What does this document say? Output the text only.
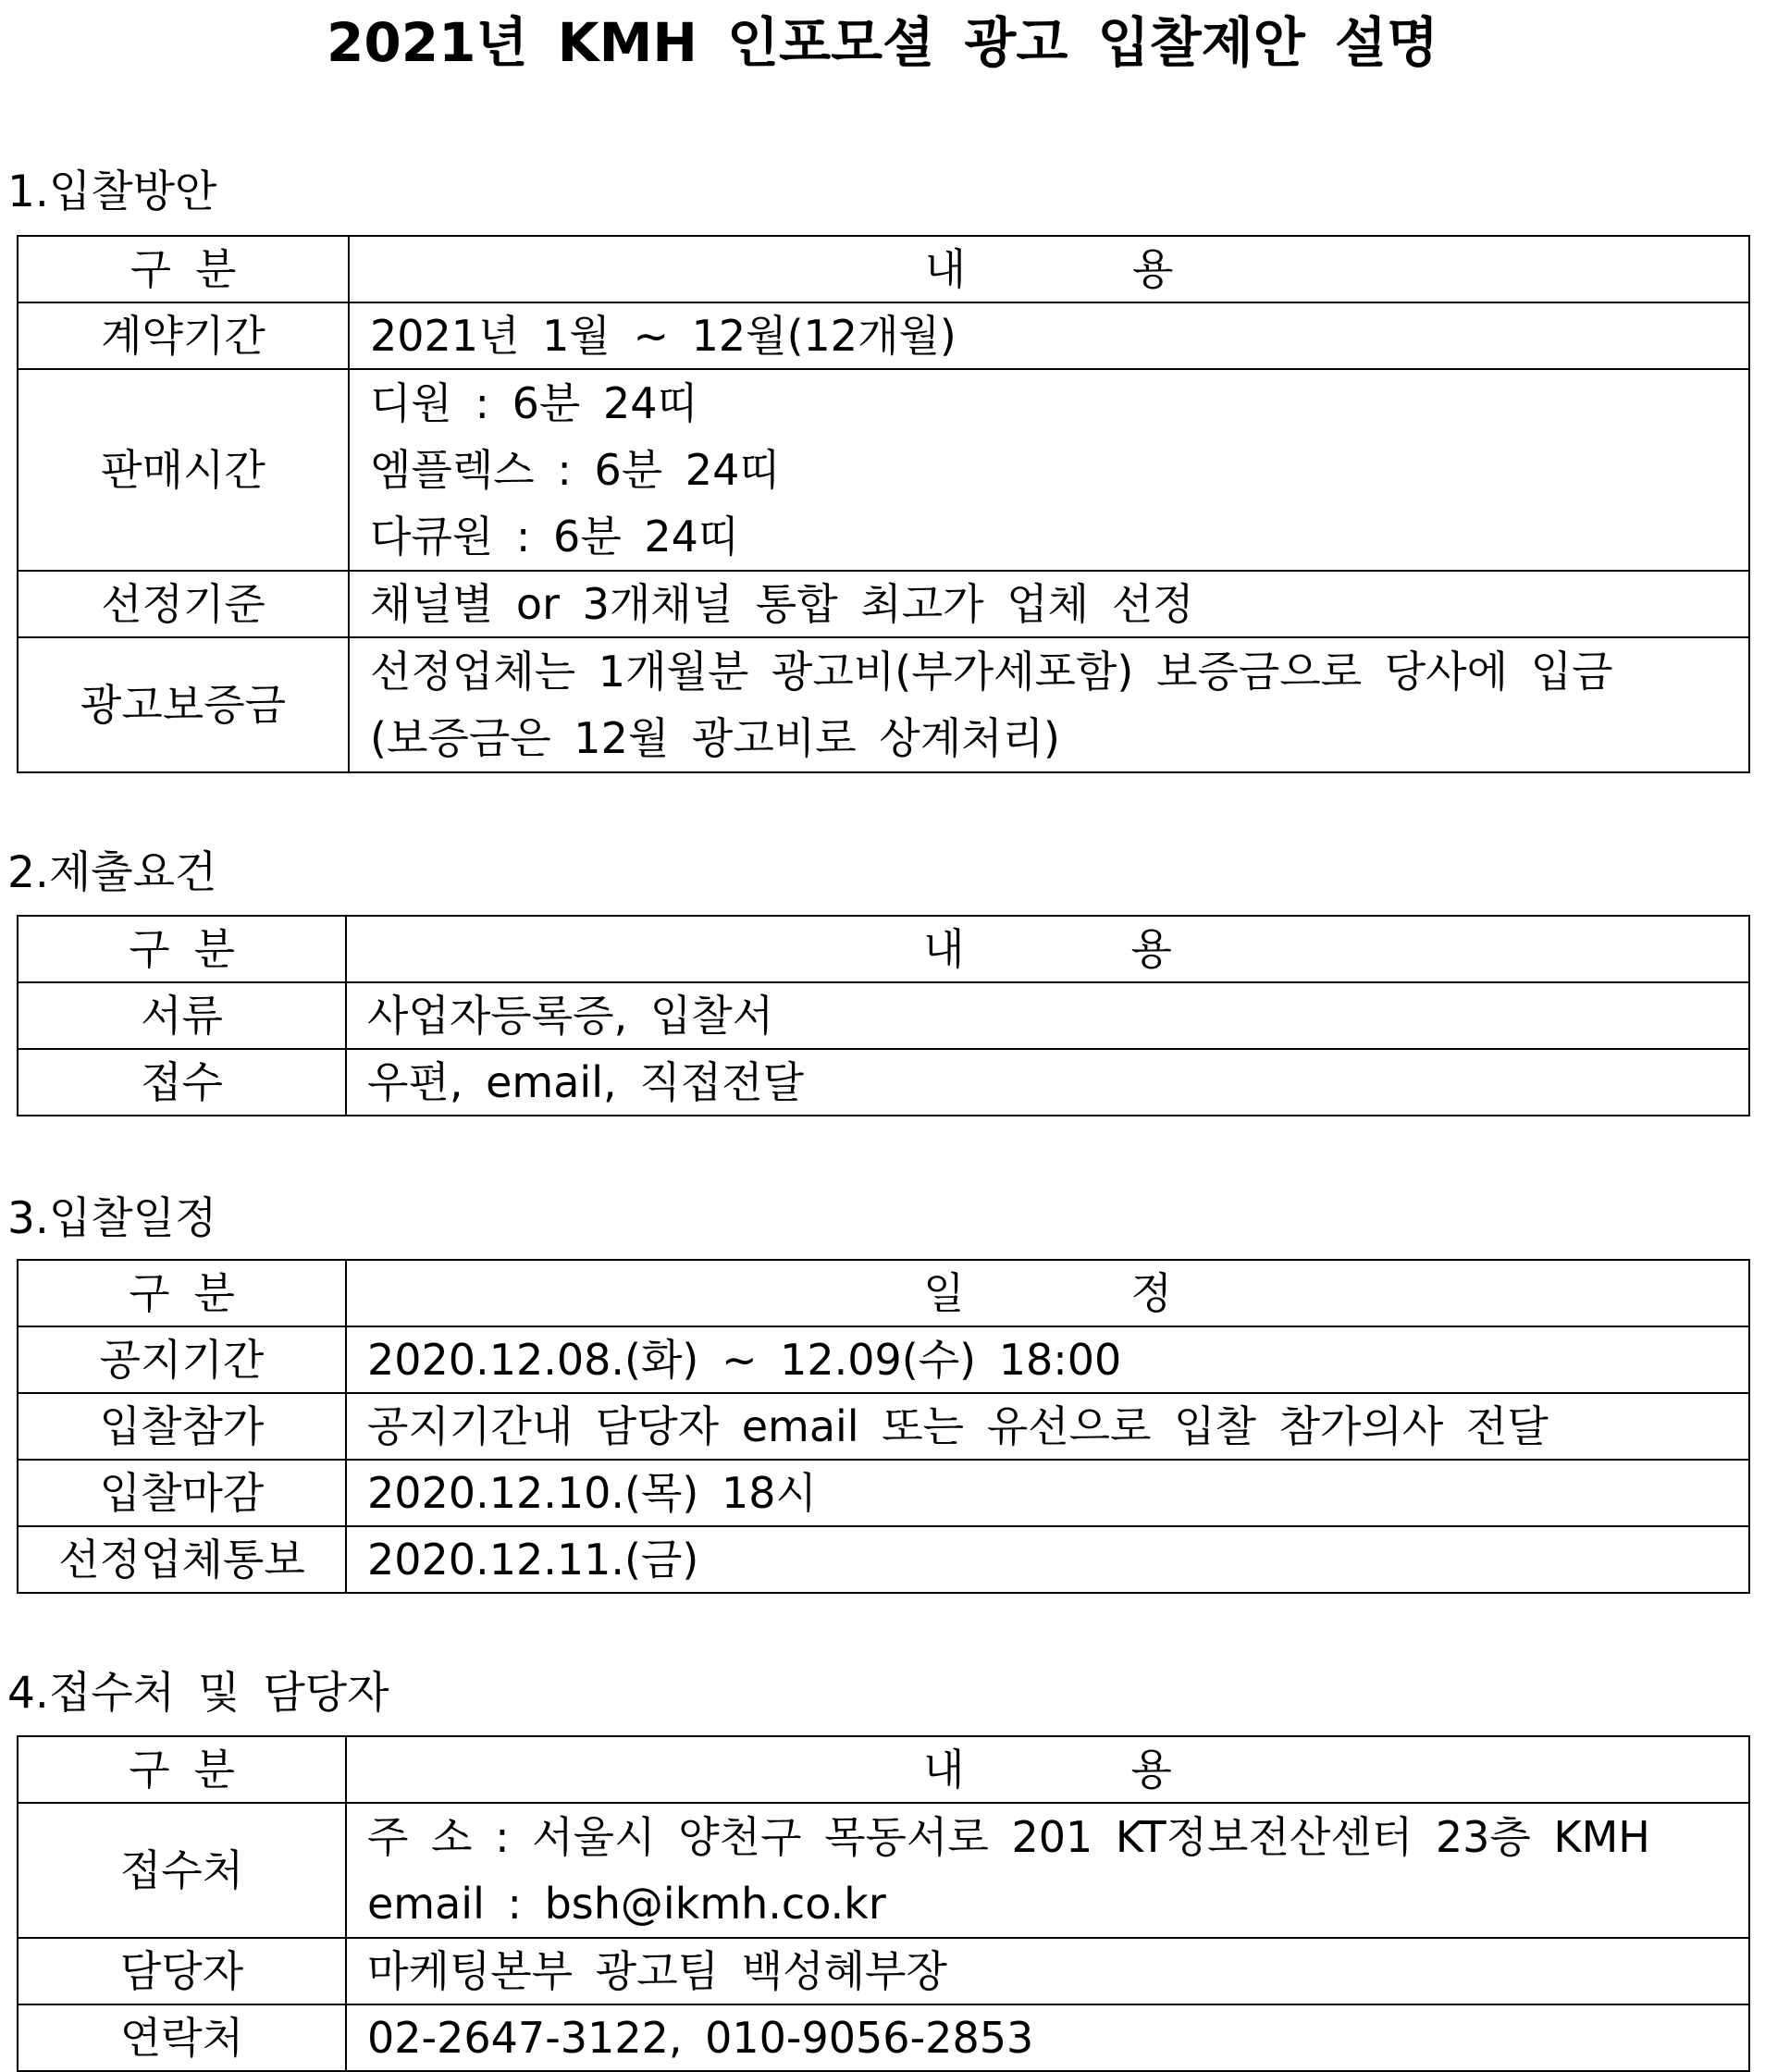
2021년 KMH 인포모셜 광고 입찰제안 설명
1.입찰방안
구 분	내 용
계약기간	2021년 1월 ~ 12월(12개월)
판매시간	디원 : 6분 24띠
엠플렉스 : 6분 24띠
다큐원 : 6분 24띠

선정기준	채널별 or 3개채널 통합 최고가 업체 선정
광고보증금	선정업체는 1개월분 광고비(부가세포함) 보증금으로 당사에 입금
(보증금은 12월 광고비로 상계처리)
2.제출요건
구 분	내 용
서류	사업자등록증, 입찰서
접수	우편, email, 직접전달
3.입찰일정
구 분	일 정
공지기간	2020.12.08.(화) ~ 12.09(수) 18:00
입찰참가	공지기간내 담당자 email 또는 유선으로 입찰 참가의사 전달
입찰마감	2020.12.10.(목) 18시
선정업체통보	2020.12.11.(금)
4.접수처 및 담당자
구 분	내 용
접수처	주 소 : 서울시 양천구 목동서로 201 KT정보전산센터 23층 KMH
email : bsh@ikmh.co.kr

담당자	마케팅본부 광고팀 백성혜부장
연락처	02-2647-3122, 010-9056-2853
